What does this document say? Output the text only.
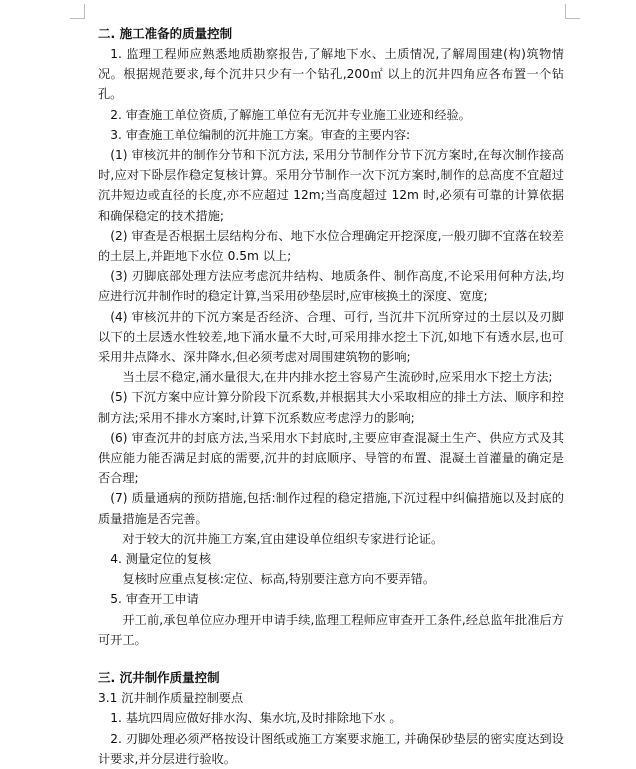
二. 施工准备的质量控制

1. 监理工程师应熟悉地质勘察报告,了解地下水、土质情况,了解周围建(构)筑物情况。根据规范要求,每个沉井只少有一个钻孔,200㎡ 以上的沉井四角应各布置一个钻孔。

2. 审查施工单位资质,了解施工单位有无沉井专业施工业迹和经验。

3. 审查施工单位编制的沉井施工方案。审查的主要内容:

(1) 审核沉井的制作分节和下沉方法, 采用分节制作分节下沉方案时,在每次制作接高时,应对下卧层作稳定复核计算。采用分节制作一次下沉方案时,制作的总高度不宜超过沉井短边或直径的长度,亦不应超过 12m;当高度超过 12m 时,必须有可靠的计算依据和确保稳定的技术措施;

(2) 审查是否根据土层结构分布、地下水位合理确定开挖深度,一般刃脚不宜落在较差的土层上,并距地下水位 0.5m 以上;

(3) 刃脚底部处理方法应考虑沉井结构、地质条件、制作高度,不论采用何种方法,均应进行沉井制作时的稳定计算,当采用砂垫层时,应审核换土的深度、宽度;

(4) 审核沉井的下沉方案是否经济、合理、可行, 当沉井下沉所穿过的土层以及刃脚以下的土层透水性较差,地下涌水量不大时,可采用排水挖土下沉,如地下有透水层,也可采用井点降水、深井降水,但必须考虑对周围建筑物的影响;

当土层不稳定,涌水量很大,在井内排水挖土容易产生流砂时,应采用水下挖土方法;

(5) 下沉方案中应计算分阶段下沉系数,并根据其大小采取相应的排土方法、顺序和控制方法;采用不排水方案时,计算下沉系数应考虑浮力的影响;

(6) 审查沉井的封底方法,当采用水下封底时,主要应审查混凝土生产、供应方式及其供应能力能否满足封底的需要,沉井的封底顺序、导管的布置、混凝土首灌量的确定是否合理;

(7) 质量通病的预防措施,包括:制作过程的稳定措施,下沉过程中纠偏措施以及封底的质量措施是否完善。

对于较大的沉井施工方案,宜由建设单位组织专家进行论证。

4. 测量定位的复核

复核时应重点复核:定位、标高,特别要注意方向不要弄错。

5. 审查开工申请

开工前,承包单位应办理开申请手续,监理工程师应审查开工条件,经总监年批准后方可开工。

三. 沉井制作质量控制

3.1 沉井制作质量控制要点

1. 基坑四周应做好排水沟、集水坑,及时排除地下水 。

2. 刃脚处理必须严格按设计图纸或施工方案要求施工, 并确保砂垫层的密实度达到设计要求,并分层进行验收。
